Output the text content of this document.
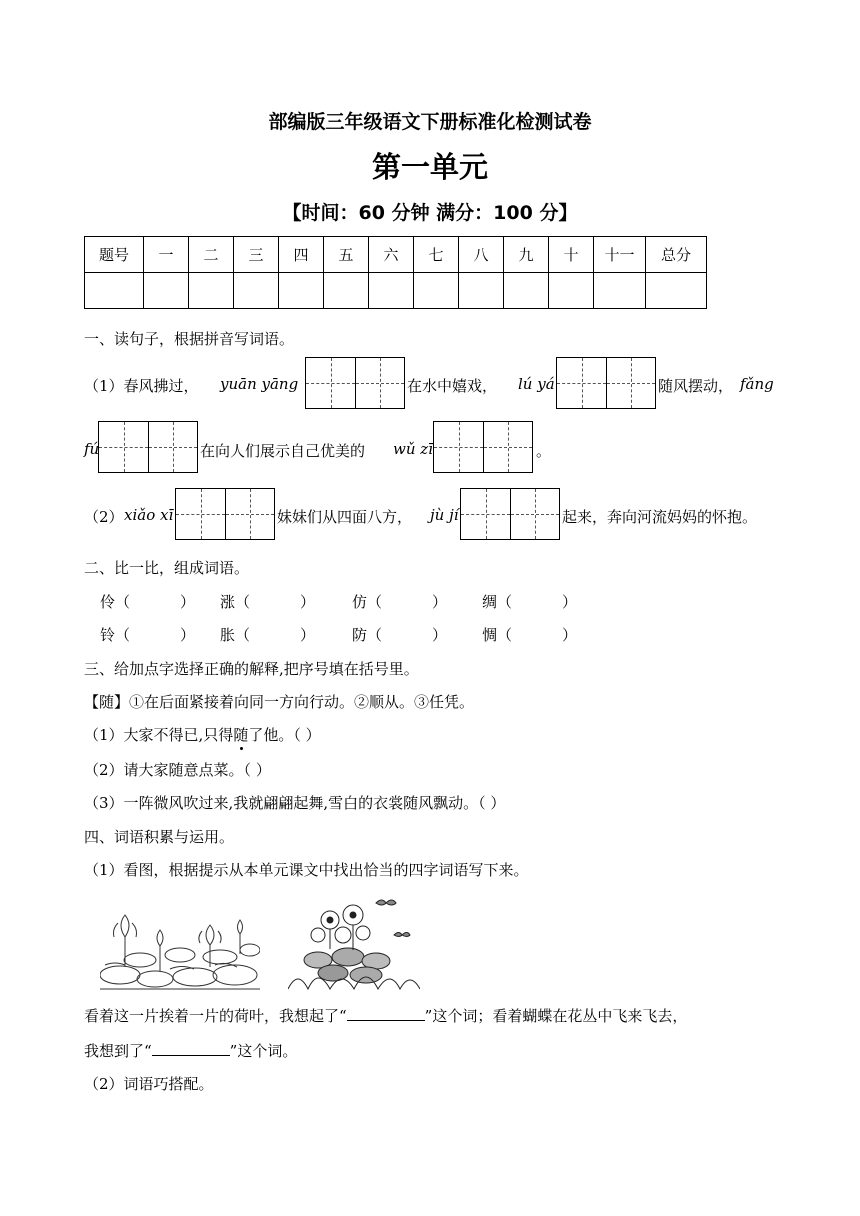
部编版三年级语文下册标准化检测试卷
第一单元
【时间：60 分钟 满分：100 分】
题号	一	二	三	四	五	六	七	八	九	十	十一	总分

一、读句子，根据拼音写词语。
（1）春风拂过， yuān yāng	在水中嬉戏， lú yá	随风摆动， fǎng
fú	在向人们展示自己优美的 wǔ zī	。
（2） xiǎo xī	妹妹们从四面八方， jù jí	起来，奔向河流妈妈的怀抱。
二、比一比，组成词语。
伶（	） 涨（	） 仿（	） 绸（	）
铃（	） 胀（	） 防（	） 惆（	）
三、给加点字选择正确的解释,把序号填在括号里。
【随】①在后面紧接着向同一方向行动。②顺从。③任凭。
（1）大家不得已,只得随了他。（ ）
（2）请大家随意点菜。（ ）
（3）一阵微风吹过来,我就翩翩起舞,雪白的衣裳随风飘动。（ ）
四、词语积累与运用。
（1）看图，根据提示从本单元课文中找出恰当的四字词语写下来。
看着这一片挨着一片的荷叶，我想起了“	”这个词；看着蝴蝶在花丛中飞来飞去，
我想到了“	”这个词。
（2）词语巧搭配。
